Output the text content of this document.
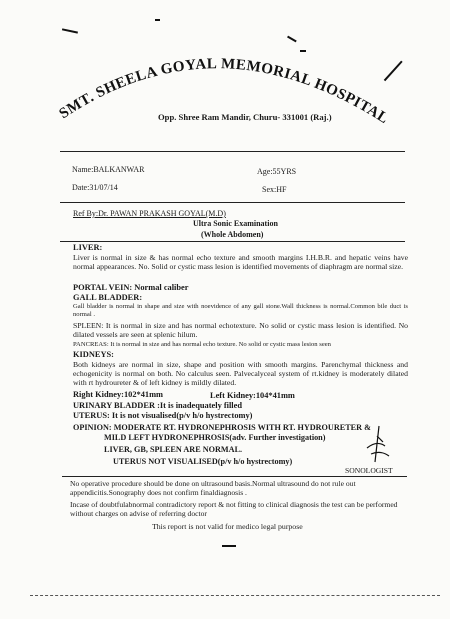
SMT. SHEELA GOYAL MEMORIAL HOSPITAL
Opp. Shree Ram Mandir, Churu- 331001 (Raj.)
Name:BALKANWAR	Age:55YRS
Date:31/07/14	Sex:HF
Ref By:Dr. PAWAN PRAKASH GOYAL(M.D)
Ultra Sonic Examination
(Whole Abdomen)
LIVER:
Liver is normal in size & has normal echo texture and smooth margins I.H.B.R. and hepatic veins have normal appearances. No. Solid or cystic mass lesion is identified movements of diaphragm are normal size.
PORTAL VEIN: Normal caliber
GALL BLADDER:
Gall bladder is normal in shape and size with noevidence of any gall stone.Wall thickness is normal.Common bile duct is normal .
SPLEEN: It is normal in size and has normal echotexture. No solid or cystic mass lesion is identified. No dilated vessels are seen at splenic hilum.
PANCREAS: It is normal in size and has normal echo texture. No solid or cystic mass lesion seen
KIDNEYS:
Both kidneys are normal in size, shape and position with smooth margins. Parenchymal thickness and echogenicity is normal on both. No calculus seen. Palvecalyceal system of rt.kidney is moderately dilated with rt hydroureter & of left kidney is mildly dilated.
Right Kidney:102*41mm	Left Kidney:104*41mm
URINARY BLADDER :It is inadequately filled
UTERUS: It is not visualised(p/v h/o hystrectomy)
OPINION: MODERATE RT. HYDRONEPHROSIS WITH RT. HYDROURETER &
MILD LEFT HYDRONEPHROSIS(adv. Further investigation)
LIVER, GB, SPLEEN ARE NORMAL.
UTERUS NOT VISUALISED(p/v h/o hystrectomy)
SONOLOGIST
No operative procedure should be done on ultrasound basis.Normal ultrasound do not rule out appendicitis.Sonography does not confirm finaldiagnosis .
Incase of doubtfulabnormal contradictory report & not fitting to clinical diagnosis the test can be performed without charges on advise of referring doctor
This report is not valid for medico legal purpose
